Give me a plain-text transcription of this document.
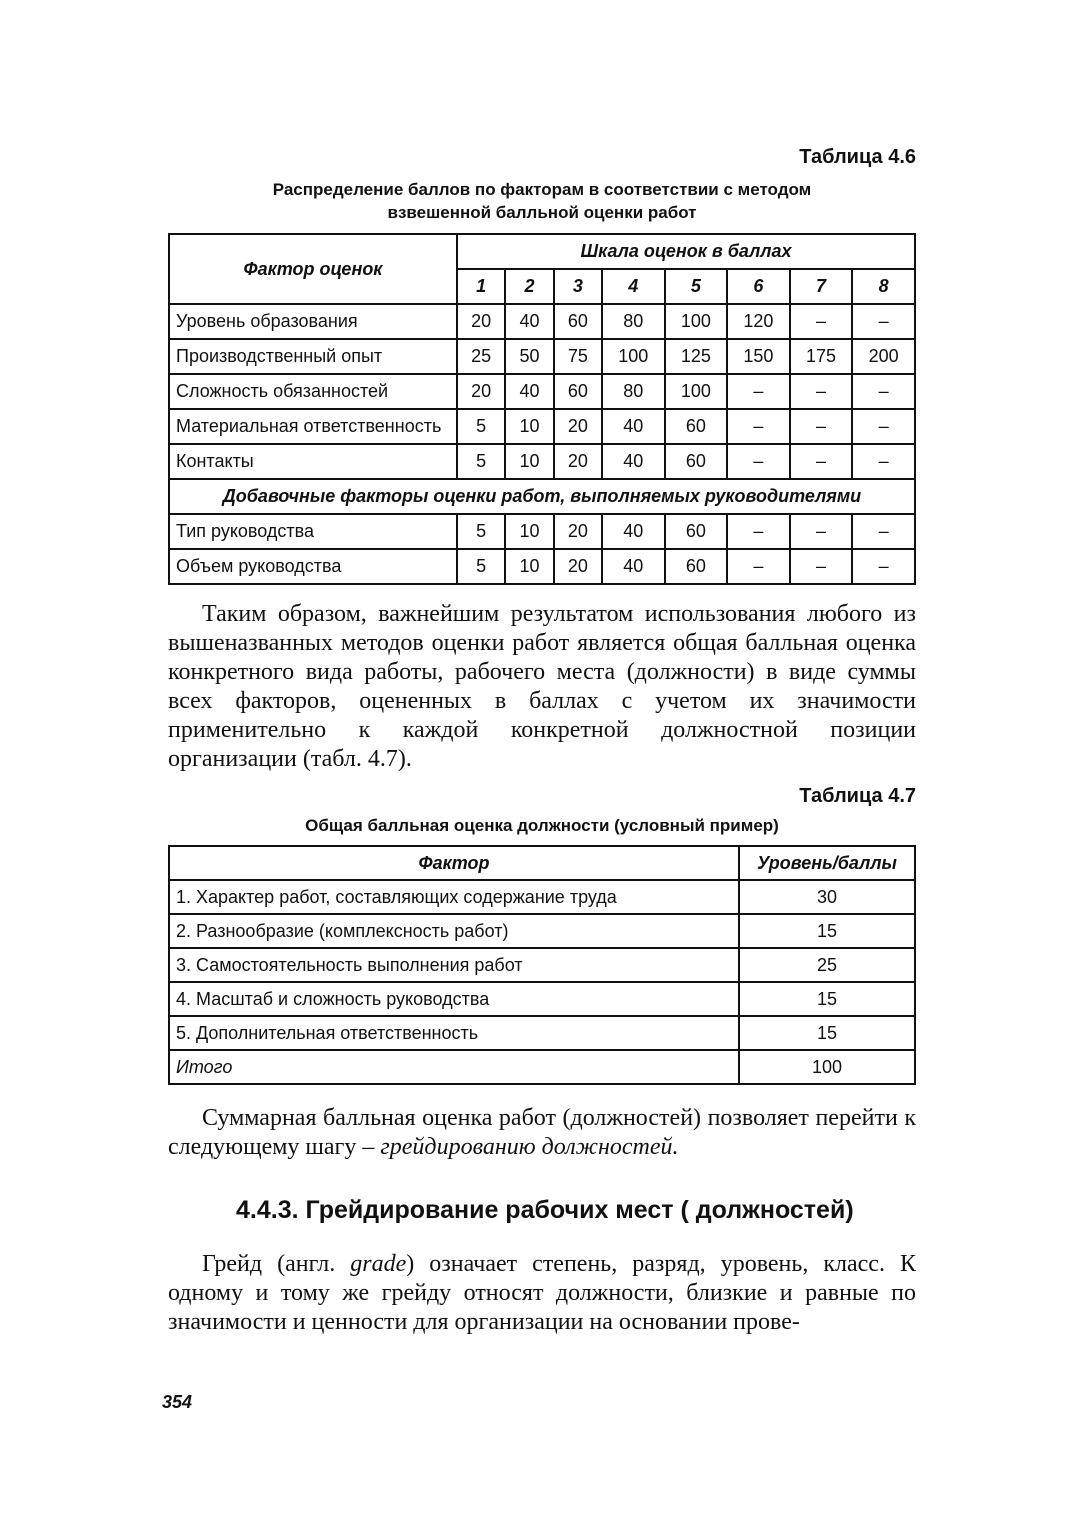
Таблица 4.6
Распределение баллов по факторам в соответствии с методом
взвешенной балльной оценки работ
Фактор оценок	Шкала оценок в баллах							
	1	2	3	4	5	6	7	8
Уровень образования	20	40	60	80	100	120	–	–
Производственный опыт	25	50	75	100	125	150	175	200
Сложность обязанностей	20	40	60	80	100	–	–	–
Материальная ответственность	5	10	20	40	60	–	–	–
Контакты	5	10	20	40	60	–	–	–
Добавочные факторы оценки работ, выполняемых руководителями								
Тип руководства	5	10	20	40	60	–	–	–
Объем руководства	5	10	20	40	60	–	–	–

Таким образом, важнейшим результатом использования любого из вышеназванных методов оценки работ является общая балльная оценка конкретного вида работы, рабочего места (должности) в виде суммы всех факторов, оцененных в баллах с учетом их значимости применительно к каждой конкретной должностной позиции организации (табл. 4.7).

Таблица 4.7
Общая балльная оценка должности (условный пример)
Фактор	Уровень/баллы
1. Характер работ, составляющих содержание труда	30
2. Разнообразие (комплексность работ)	15
3. Самостоятельность выполнения работ	25
4. Масштаб и сложность руководства	15
5. Дополнительная ответственность	15
Итого	100

Суммарная балльная оценка работ (должностей) позволяет перейти к следующему шагу – грейдированию должностей.

4.4.3. Грейдирование рабочих мест ( должностей)

Грейд (англ. grade) означает степень, разряд, уровень, класс. К одному и тому же грейду относят должности, близкие и равные по значимости и ценности для организации на основании прове-

354
